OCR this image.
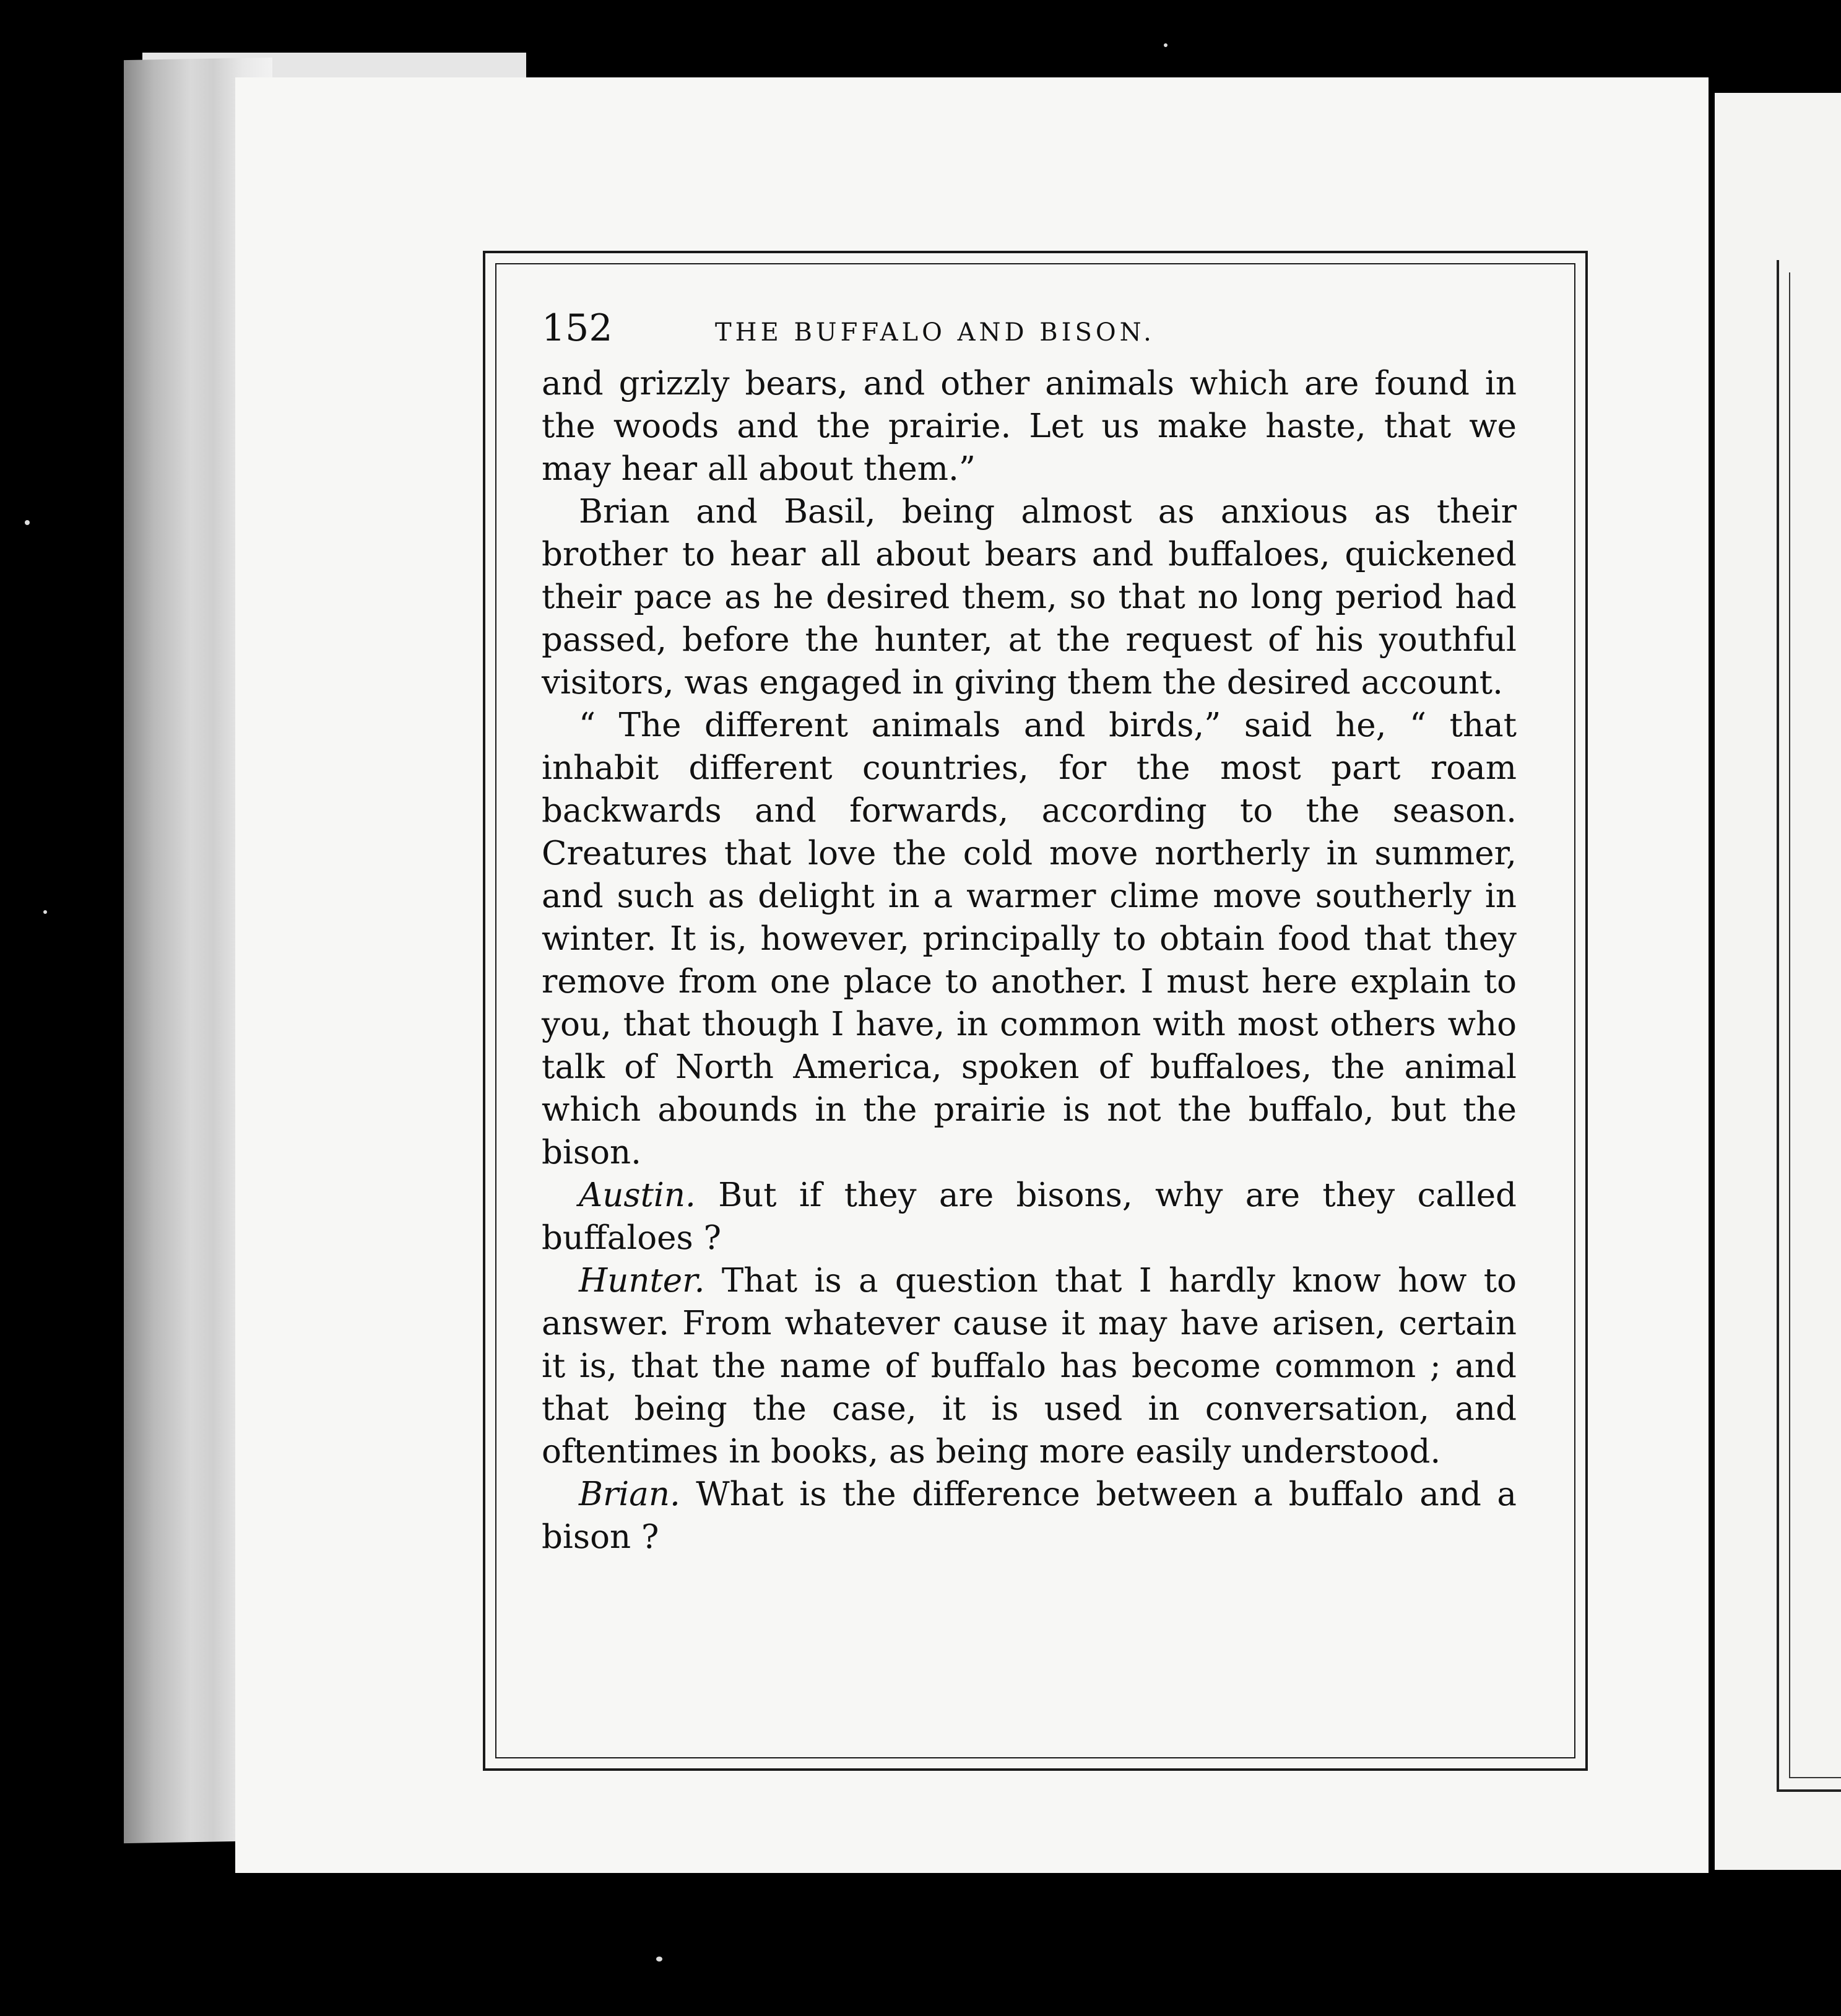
152	THE BUFFALO AND BISON.

and grizzly bears, and other animals which are found in the woods and the prairie. Let us make haste, that we may hear all about them.”

Brian and Basil, being almost as anxious as their brother to hear all about bears and buffaloes, quickened their pace as he desired them, so that no long period had passed, before the hunter, at the request of his youthful visitors, was engaged in giving them the desired account.

“ The different animals and birds,” said he, “ that inhabit different countries, for the most part roam backwards and forwards, according to the season. Creatures that love the cold move northerly in summer, and such as delight in a warmer clime move southerly in winter. It is, however, principally to obtain food that they remove from one place to another. I must here explain to you, that though I have, in common with most others who talk of North America, spoken of buffaloes, the animal which abounds in the prairie is not the buffalo, but the bison.

Austin. But if they are bisons, why are they called buffaloes ?

Hunter. That is a question that I hardly know how to answer. From whatever cause it may have arisen, certain it is, that the name of buffalo has become common ; and that being the case, it is used in conversation, and oftentimes in books, as being more easily understood.

Brian. What is the difference between a buffalo and a bison ?
